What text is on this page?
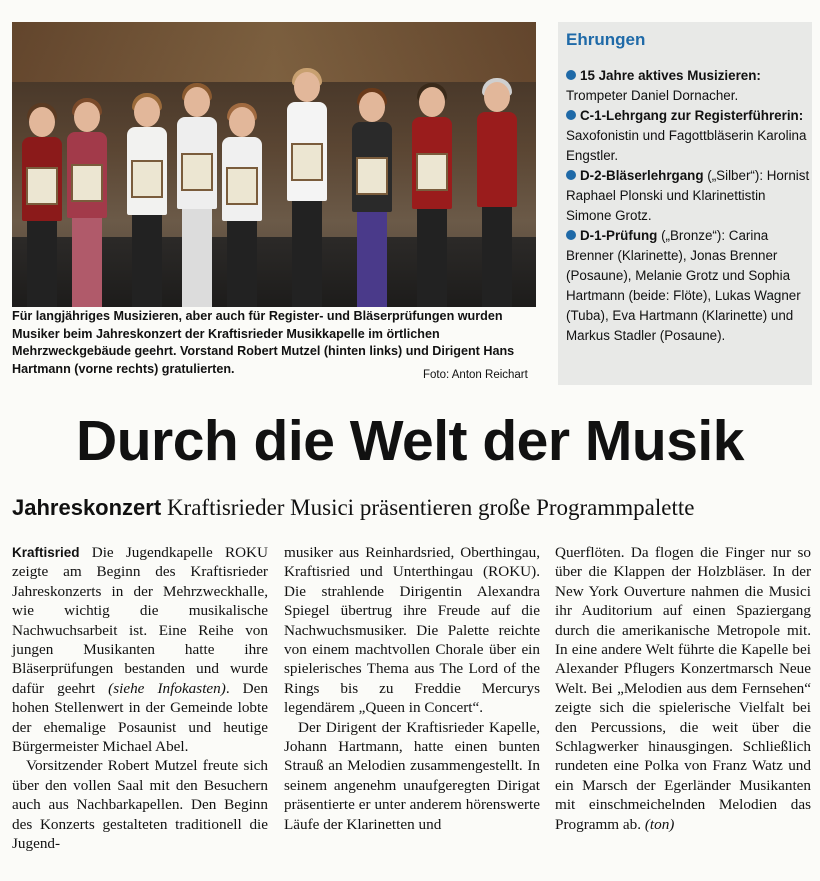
Für langjähriges Musizieren, aber auch für Register- und Bläserprüfungen wurden Musiker beim Jahreskonzert der Kraftisrieder Musikkapelle im örtlichen Mehrzweckgebäude geehrt. Vorstand Robert Mutzel (hinten links) und Dirigent Hans Hartmann (vorne rechts) gratulierten.	Foto: Anton Reichart
Ehrungen

15 Jahre aktives Musizieren: Trompeter Daniel Dornacher.

C-1-Lehrgang zur Registerführerin: Saxofonistin und Fagottbläserin Karolina Engstler.

D-2-Bläserlehrgang („Silber“): Hornist Raphael Plonski und Klarinettistin Simone Grotz.

D-1-Prüfung („Bronze“): Carina Brenner (Klarinette), Jonas Brenner (Posaune), Melanie Grotz und Sophia Hartmann (beide: Flöte), Lukas Wagner (Tuba), Eva Hartmann (Klarinette) und Markus Stadler (Posaune).

Durch die Welt der Musik
Jahreskonzert Kraftisrieder Musici präsentieren große Programmpalette

Kraftisried Die Jugendkapelle ROKU zeigte am Beginn des Kraftisrieder Jahreskonzerts in der Mehrzweckhalle, wie wichtig die musikalische Nachwuchsarbeit ist. Eine Reihe von jungen Musikanten hatte ihre Bläserprüfungen bestanden und wurde dafür geehrt (siehe Infokasten). Den hohen Stellenwert in der Gemeinde lobte der ehemalige Posaunist und heutige Bürgermeister Michael Abel.

Vorsitzender Robert Mutzel freute sich über den vollen Saal mit den Besuchern auch aus Nachbarkapellen. Den Beginn des Konzerts gestalteten traditionell die Jugend-

musiker aus Reinhardsried, Oberthingau, Kraftisried und Unterthingau (ROKU). Die strahlende Dirigentin Alexandra Spiegel übertrug ihre Freude auf die Nachwuchsmusiker. Die Palette reichte von einem machtvollen Chorale über ein spielerisches Thema aus The Lord of the Rings bis zu Freddie Mercurys legendärem „Queen in Concert“.

Der Dirigent der Kraftisrieder Kapelle, Johann Hartmann, hatte einen bunten Strauß an Melodien zusammengestellt. In seinem angenehm unaufgeregten Dirigat präsentierte er unter anderem hörenswerte Läufe der Klarinetten und

Querflöten. Da flogen die Finger nur so über die Klappen der Holzbläser. In der New York Ouverture nahmen die Musici ihr Auditorium auf einen Spaziergang durch die amerikanische Metropole mit. In eine andere Welt führte die Kapelle bei Alexander Pflugers Konzertmarsch Neue Welt. Bei „Melodien aus dem Fernsehen“ zeigte sich die spielerische Vielfalt bei den Percussions, die weit über die Schlagwerker hinausgingen. Schließlich rundeten eine Polka von Franz Watz und ein Marsch der Egerländer Musikanten mit einschmeichelnden Melodien das Programm ab. (ton)
